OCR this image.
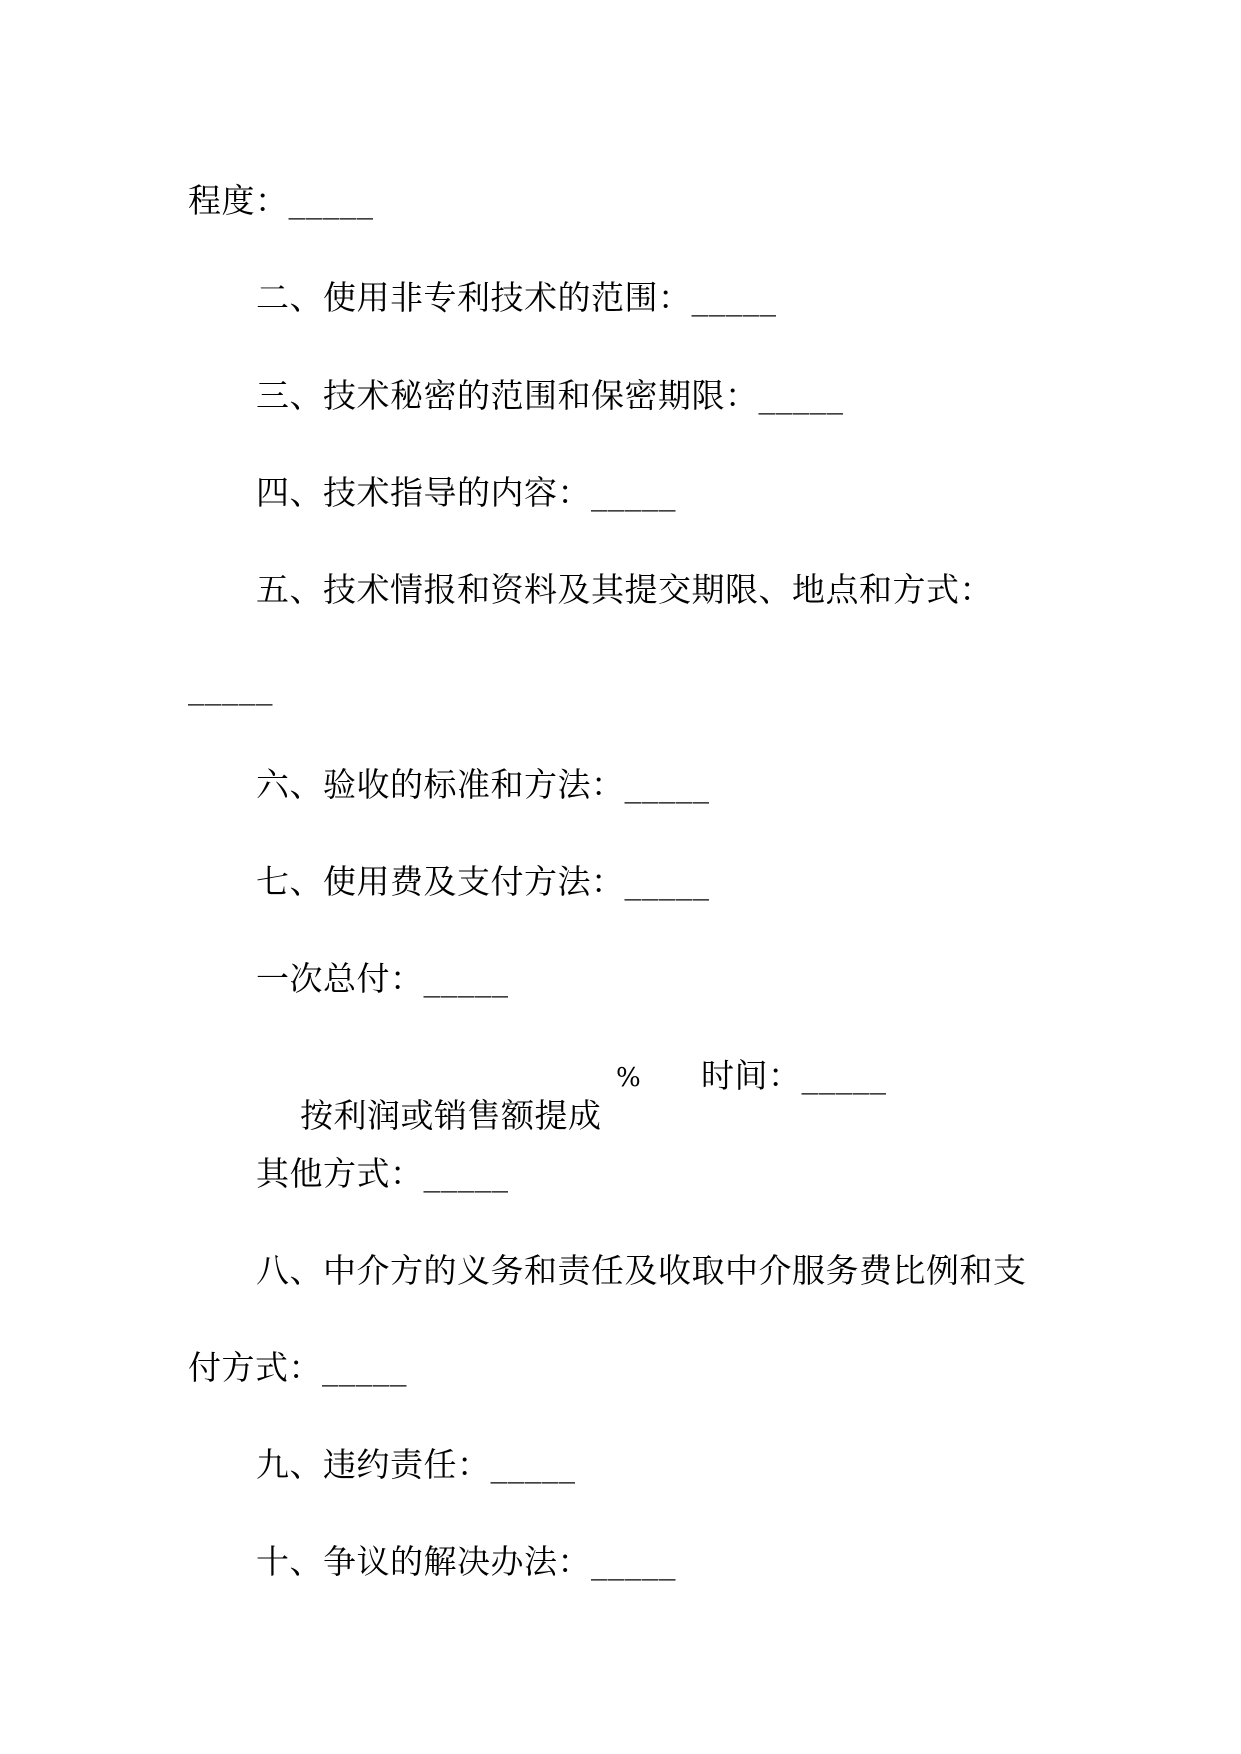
程度：_____
二、使用非专利技术的范围：_____
三、技术秘密的范围和保密期限：_____
四、技术指导的内容：_____
五、技术情报和资料及其提交期限、地点和方式：
_____
六、验收的标准和方法：_____
七、使用费及支付方法：_____
一次总付：_____

按利润或销售额提成

%

时间：_____

其他方式：_____
八、中介方的义务和责任及收取中介服务费比例和支
付方式：_____
九、违约责任：_____
十、争议的解决办法：_____
